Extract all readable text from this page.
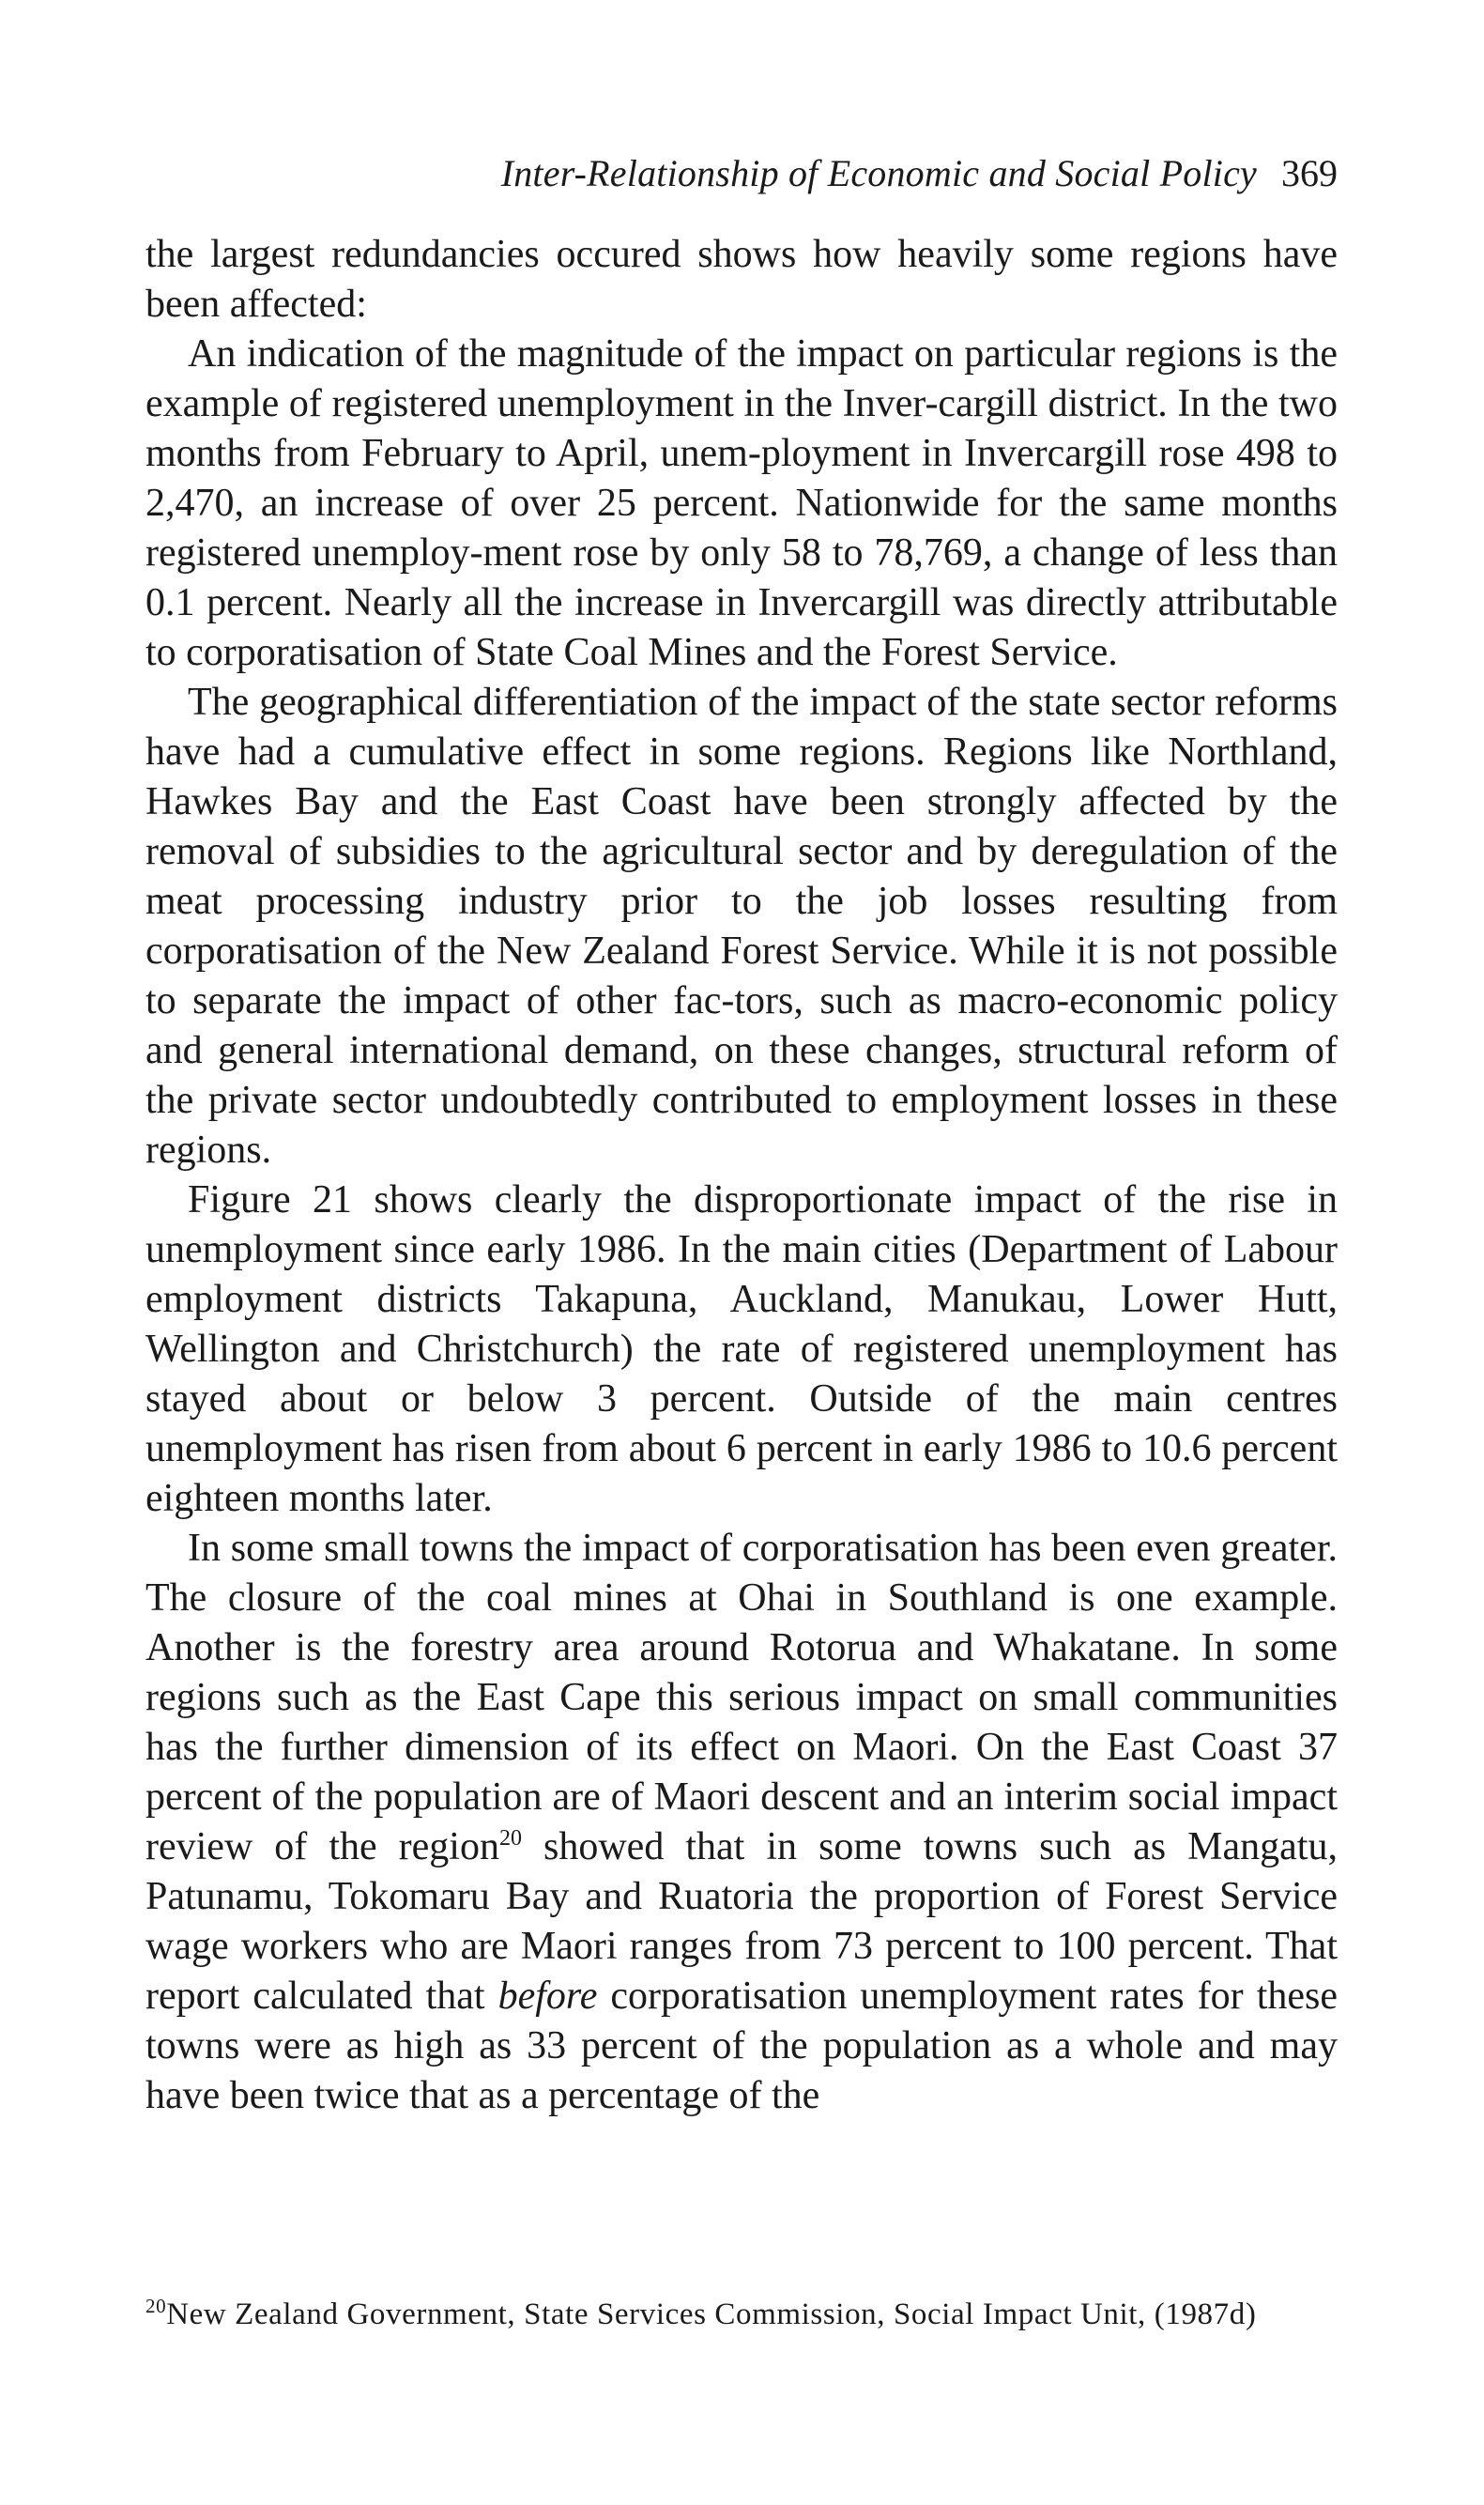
Inter-Relationship of Economic and Social Policy 369

the largest redundancies occured shows how heavily some regions have been affected:

An indication of the magnitude of the impact on particular regions is the example of registered unemployment in the Inver-cargill district. In the two months from February to April, unem-ployment in Invercargill rose 498 to 2,470, an increase of over 25 percent. Nationwide for the same months registered unemploy-ment rose by only 58 to 78,769, a change of less than 0.1 percent. Nearly all the increase in Invercargill was directly attributable to corporatisation of State Coal Mines and the Forest Service.

The geographical differentiation of the impact of the state sector reforms have had a cumulative effect in some regions. Regions like Northland, Hawkes Bay and the East Coast have been strongly affected by the removal of subsidies to the agricultural sector and by deregulation of the meat processing industry prior to the job losses resulting from corporatisation of the New Zealand Forest Service. While it is not possible to separate the impact of other fac-tors, such as macro-economic policy and general international demand, on these changes, structural reform of the private sector undoubtedly contributed to employment losses in these regions.

Figure 21 shows clearly the disproportionate impact of the rise in unemployment since early 1986. In the main cities (Department of Labour employment districts Takapuna, Auckland, Manukau, Lower Hutt, Wellington and Christchurch) the rate of registered unemployment has stayed about or below 3 percent. Outside of the main centres unemployment has risen from about 6 percent in early 1986 to 10.6 percent eighteen months later.

In some small towns the impact of corporatisation has been even greater. The closure of the coal mines at Ohai in Southland is one example. Another is the forestry area around Rotorua and Whakatane. In some regions such as the East Cape this serious impact on small communities has the further dimension of its effect on Maori. On the East Coast 37 percent of the population are of Maori descent and an interim social impact review of the region$^{20}$ showed that in some towns such as Mangatu, Patunamu, Tokomaru Bay and Ruatoria the proportion of Forest Service wage workers who are Maori ranges from 73 percent to 100 percent. That report calculated that before corporatisation unemployment rates for these towns were as high as 33 percent of the population as a whole and may have been twice that as a percentage of the

$^{20}$New Zealand Government, State Services Commission, Social Impact Unit, (1987d)
